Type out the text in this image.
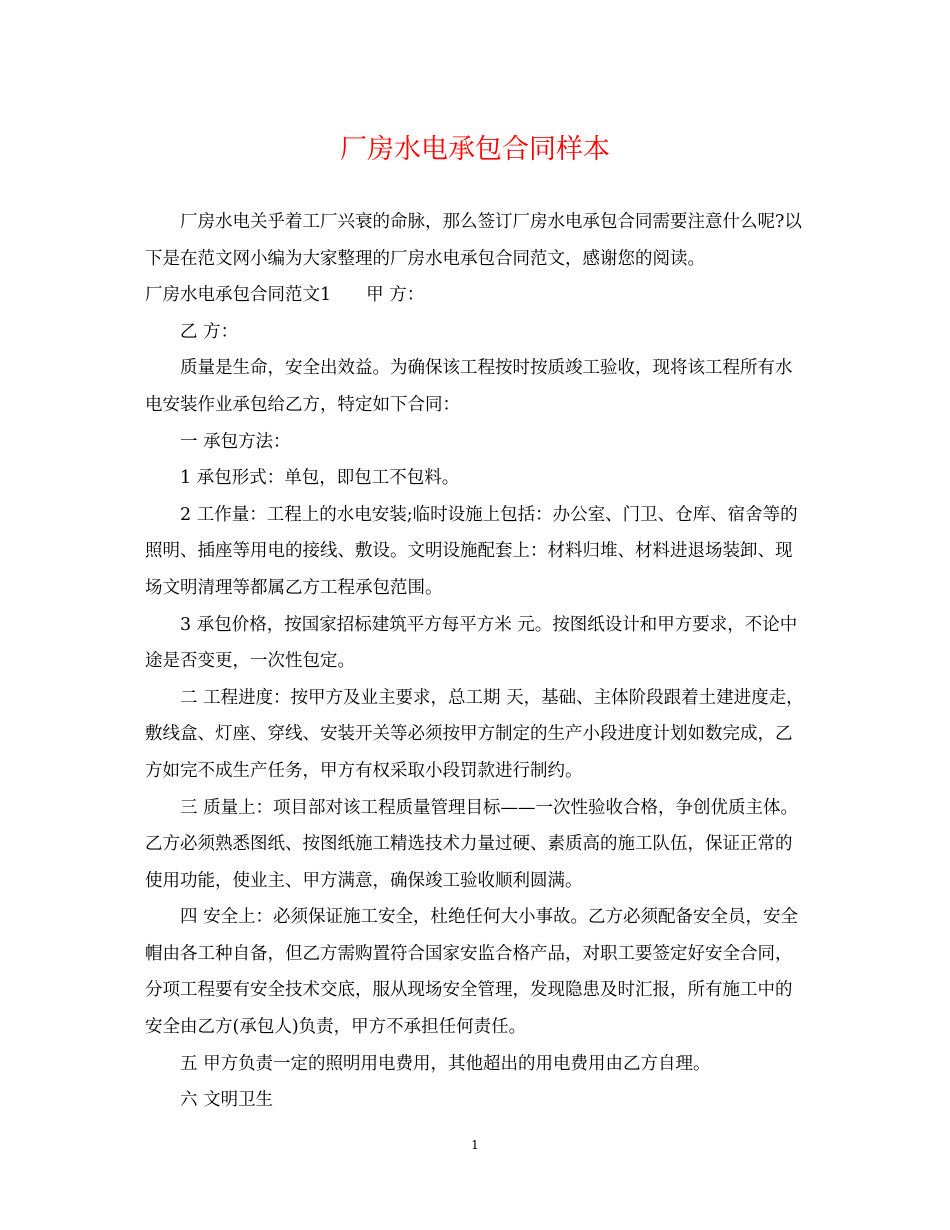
厂房水电承包合同样本

厂房水电关乎着工厂兴衰的命脉，那么签订厂房水电承包合同需要注意什么呢?以下是在范文网小编为大家整理的厂房水电承包合同范文，感谢您的阅读。

厂房水电承包合同范文1　　甲 方：

乙 方：

质量是生命，安全出效益。为确保该工程按时按质竣工验收，现将该工程所有水电安装作业承包给乙方，特定如下合同：

一 承包方法：

1 承包形式：单包，即包工不包料。

2 工作量：工程上的水电安装;临时设施上包括：办公室、门卫、仓库、宿舍等的照明、插座等用电的接线、敷设。文明设施配套上：材料归堆、材料进退场装卸、现场文明清理等都属乙方工程承包范围。

3 承包价格，按国家招标建筑平方每平方米 元。按图纸设计和甲方要求，不论中途是否变更，一次性包定。

二 工程进度：按甲方及业主要求，总工期 天，基础、主体阶段跟着土建进度走，敷线盒、灯座、穿线、安装开关等必须按甲方制定的生产小段进度计划如数完成，乙方如完不成生产任务，甲方有权采取小段罚款进行制约。

三 质量上：项目部对该工程质量管理目标——一次性验收合格，争创优质主体。乙方必须熟悉图纸、按图纸施工精选技术力量过硬、素质高的施工队伍，保证正常的使用功能，使业主、甲方满意，确保竣工验收顺利圆满。

四 安全上：必须保证施工安全，杜绝任何大小事故。乙方必须配备安全员，安全帽由各工种自备，但乙方需购置符合国家安监合格产品，对职工要签定好安全合同，分项工程要有安全技术交底，服从现场安全管理，发现隐患及时汇报，所有施工中的安全由乙方(承包人)负责，甲方不承担任何责任。

五 甲方负责一定的照明用电费用，其他超出的用电费用由乙方自理。

六 文明卫生

1
